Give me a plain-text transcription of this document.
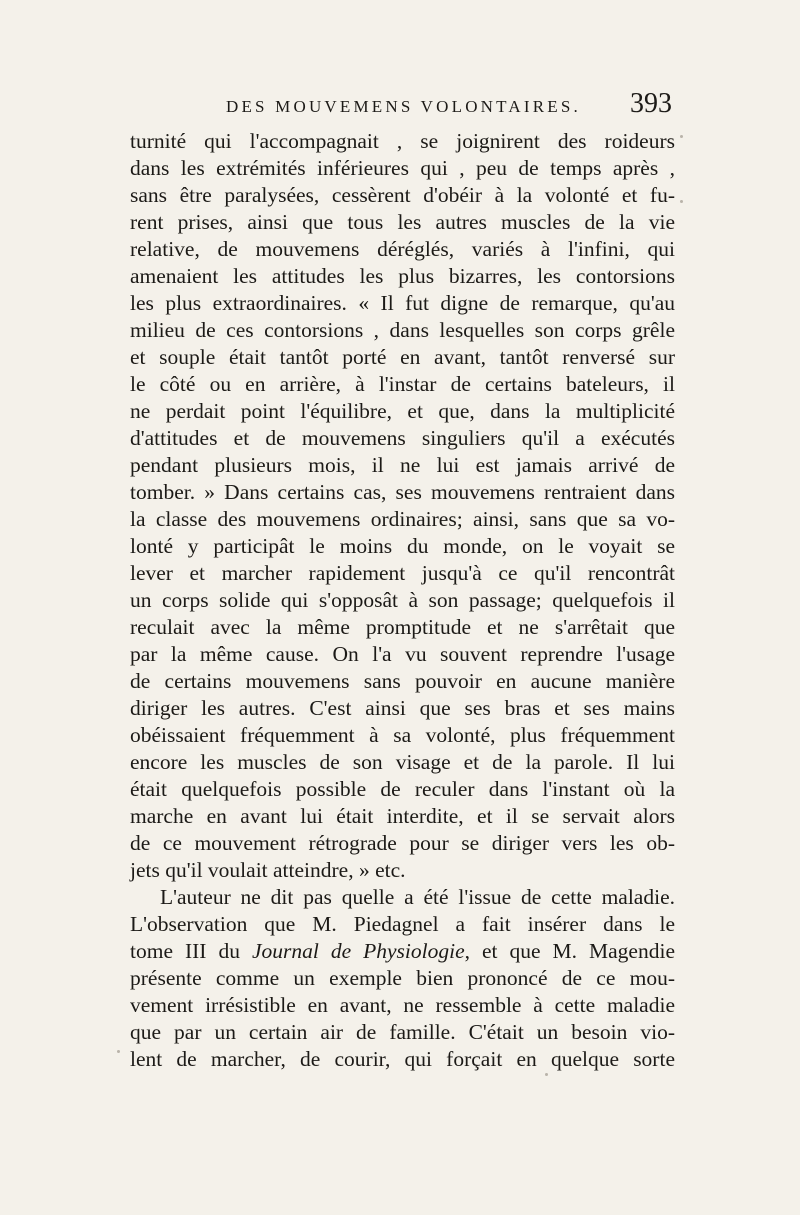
DES MOUVEMENS VOLONTAIRES. 393
turnité qui l'accompagnait , se joignirent des roideurs
dans les extrémités inférieures qui , peu de temps après ,
sans être paralysées, cessèrent d'obéir à la volonté et fu-
rent prises, ainsi que tous les autres muscles de la vie
relative, de mouvemens déréglés, variés à l'infini, qui
amenaient les attitudes les plus bizarres, les contorsions
les plus extraordinaires. « Il fut digne de remarque, qu'au
milieu de ces contorsions , dans lesquelles son corps grêle
et souple était tantôt porté en avant, tantôt renversé sur
le côté ou en arrière, à l'instar de certains bateleurs, il
ne perdait point l'équilibre, et que, dans la multiplicité
d'attitudes et de mouvemens singuliers qu'il a exécutés
pendant plusieurs mois, il ne lui est jamais arrivé de
tomber. » Dans certains cas, ses mouvemens rentraient dans
la classe des mouvemens ordinaires; ainsi, sans que sa vo-
lonté y participât le moins du monde, on le voyait se
lever et marcher rapidement jusqu'à ce qu'il rencontrât
un corps solide qui s'opposât à son passage; quelquefois il
reculait avec la même promptitude et ne s'arrêtait que
par la même cause. On l'a vu souvent reprendre l'usage
de certains mouvemens sans pouvoir en aucune manière
diriger les autres. C'est ainsi que ses bras et ses mains
obéissaient fréquemment à sa volonté, plus fréquemment
encore les muscles de son visage et de la parole. Il lui
était quelquefois possible de reculer dans l'instant où la
marche en avant lui était interdite, et il se servait alors
de ce mouvement rétrograde pour se diriger vers les ob-
jets qu'il voulait atteindre, » etc.
L'auteur ne dit pas quelle a été l'issue de cette maladie.
L'observation que M. Piedagnel a fait insérer dans le
tome III du Journal de Physiologie, et que M. Magendie
présente comme un exemple bien prononcé de ce mou-
vement irrésistible en avant, ne ressemble à cette maladie
que par un certain air de famille. C'était un besoin vio-
lent de marcher, de courir, qui forçait en quelque sorte
